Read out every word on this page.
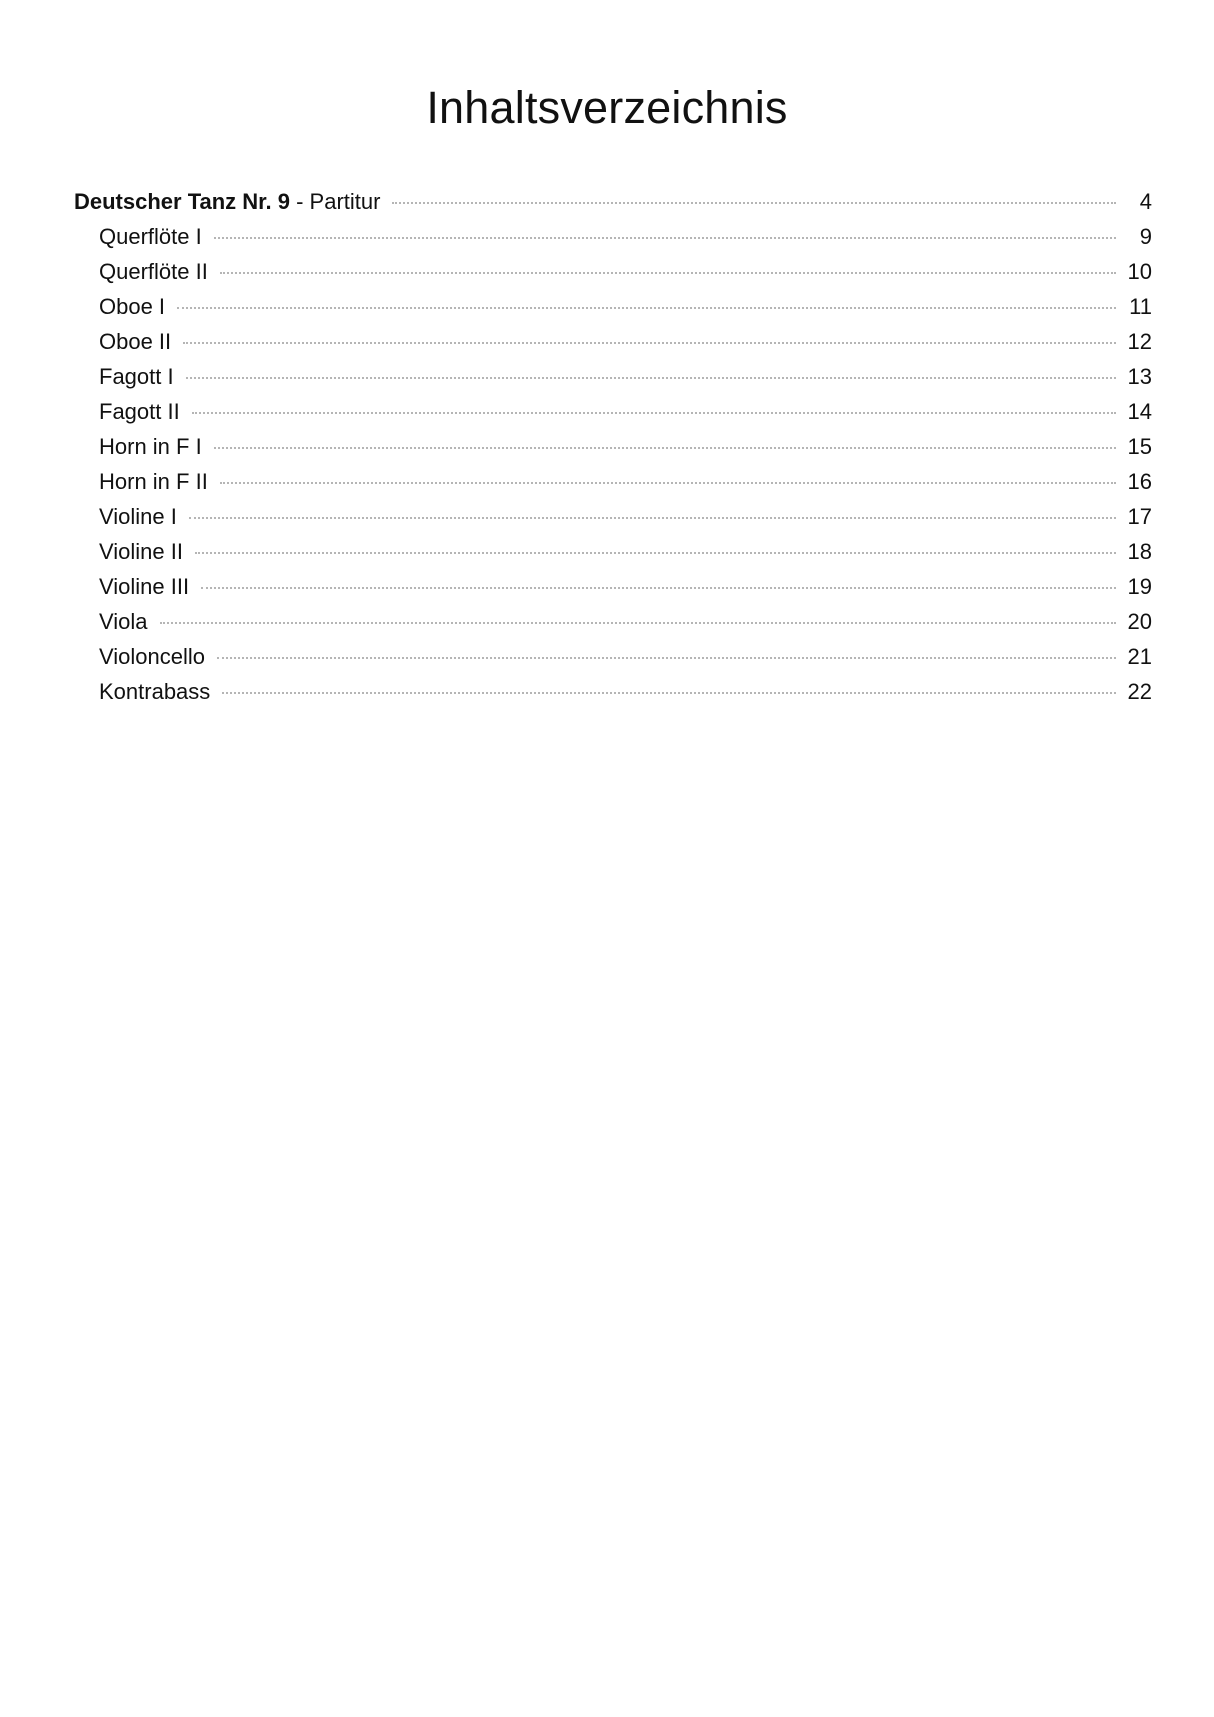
Inhaltsverzeichnis
Deutscher Tanz Nr. 9 - Partitur	4
Querflöte I	9
Querflöte II	10
Oboe I	11
Oboe II	12
Fagott I	13
Fagott II	14
Horn in F I	15
Horn in F II	16
Violine I	17
Violine II	18
Violine III	19
Viola	20
Violoncello	21
Kontrabass	22
